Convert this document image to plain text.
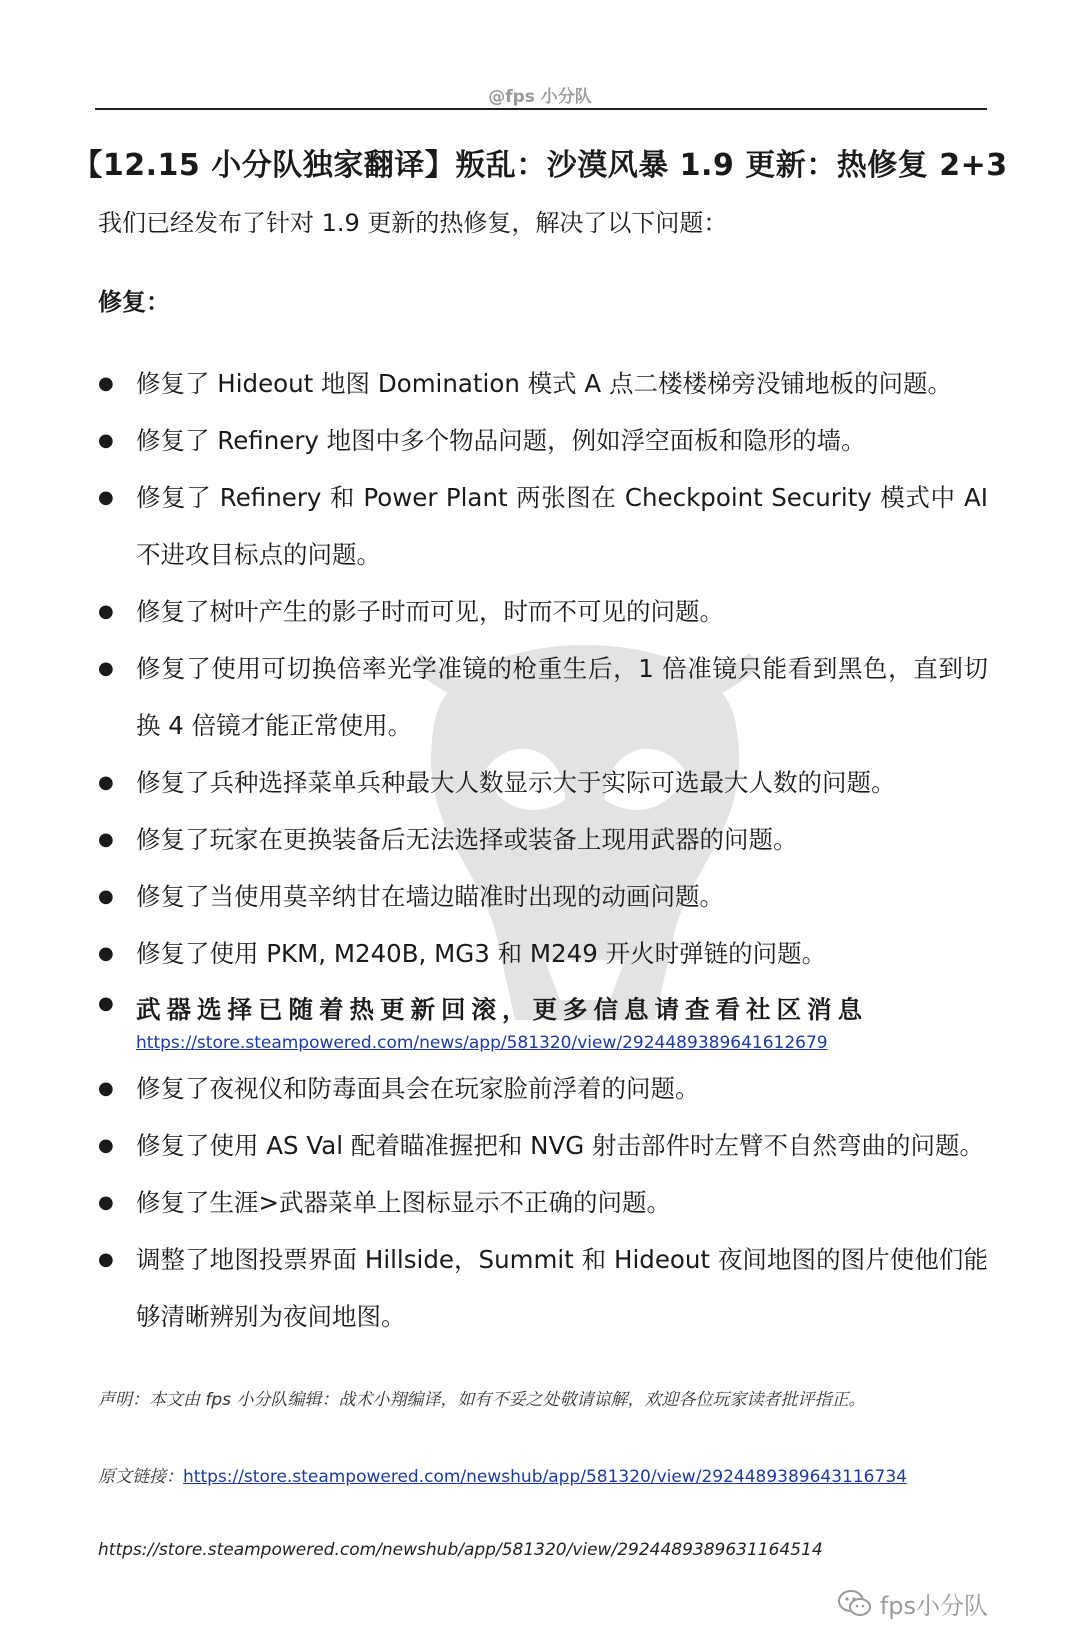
@fps 小分队
【12.15 小分队独家翻译】叛乱：沙漠风暴 1.9 更新：热修复 2+3
我们已经发布了针对 1.9 更新的热修复，解决了以下问题：
修复：
● 修复了 Hideout 地图 Domination 模式 A 点二楼楼梯旁没铺地板的问题。
● 修复了 Refinery 地图中多个物品问题，例如浮空面板和隐形的墙。
● 修复了 Refinery 和 Power Plant 两张图在 Checkpoint Security 模式中 AI 不进攻目标点的问题。
● 修复了树叶产生的影子时而可见，时而不可见的问题。
● 修复了使用可切换倍率光学准镜的枪重生后，1 倍准镜只能看到黑色，直到切换 4 倍镜才能正常使用。
● 修复了兵种选择菜单兵种最大人数显示大于实际可选最大人数的问题。
● 修复了玩家在更换装备后无法选择或装备上现用武器的问题。
● 修复了当使用莫辛纳甘在墙边瞄准时出现的动画问题。
● 修复了使用 PKM, M240B, MG3 和 M249 开火时弹链的问题。
● 武器选择已随着热更新回滚，更多信息请查看社区消息
https://store.steampowered.com/news/app/581320/view/2924489389641612679
● 修复了夜视仪和防毒面具会在玩家脸前浮着的问题。
● 修复了使用 AS Val 配着瞄准握把和 NVG 射击部件时左臂不自然弯曲的问题。
● 修复了生涯>武器菜单上图标显示不正确的问题。
● 调整了地图投票界面 Hillside，Summit 和 Hideout 夜间地图的图片使他们能够清晰辨别为夜间地图。
声明：本文由 fps 小分队编辑：战术小翔编译，如有不妥之处敬请谅解，欢迎各位玩家读者批评指正。
原文链接：https://store.steampowered.com/newshub/app/581320/view/2924489389643116734
https://store.steampowered.com/newshub/app/581320/view/2924489389631164514
fps小分队
